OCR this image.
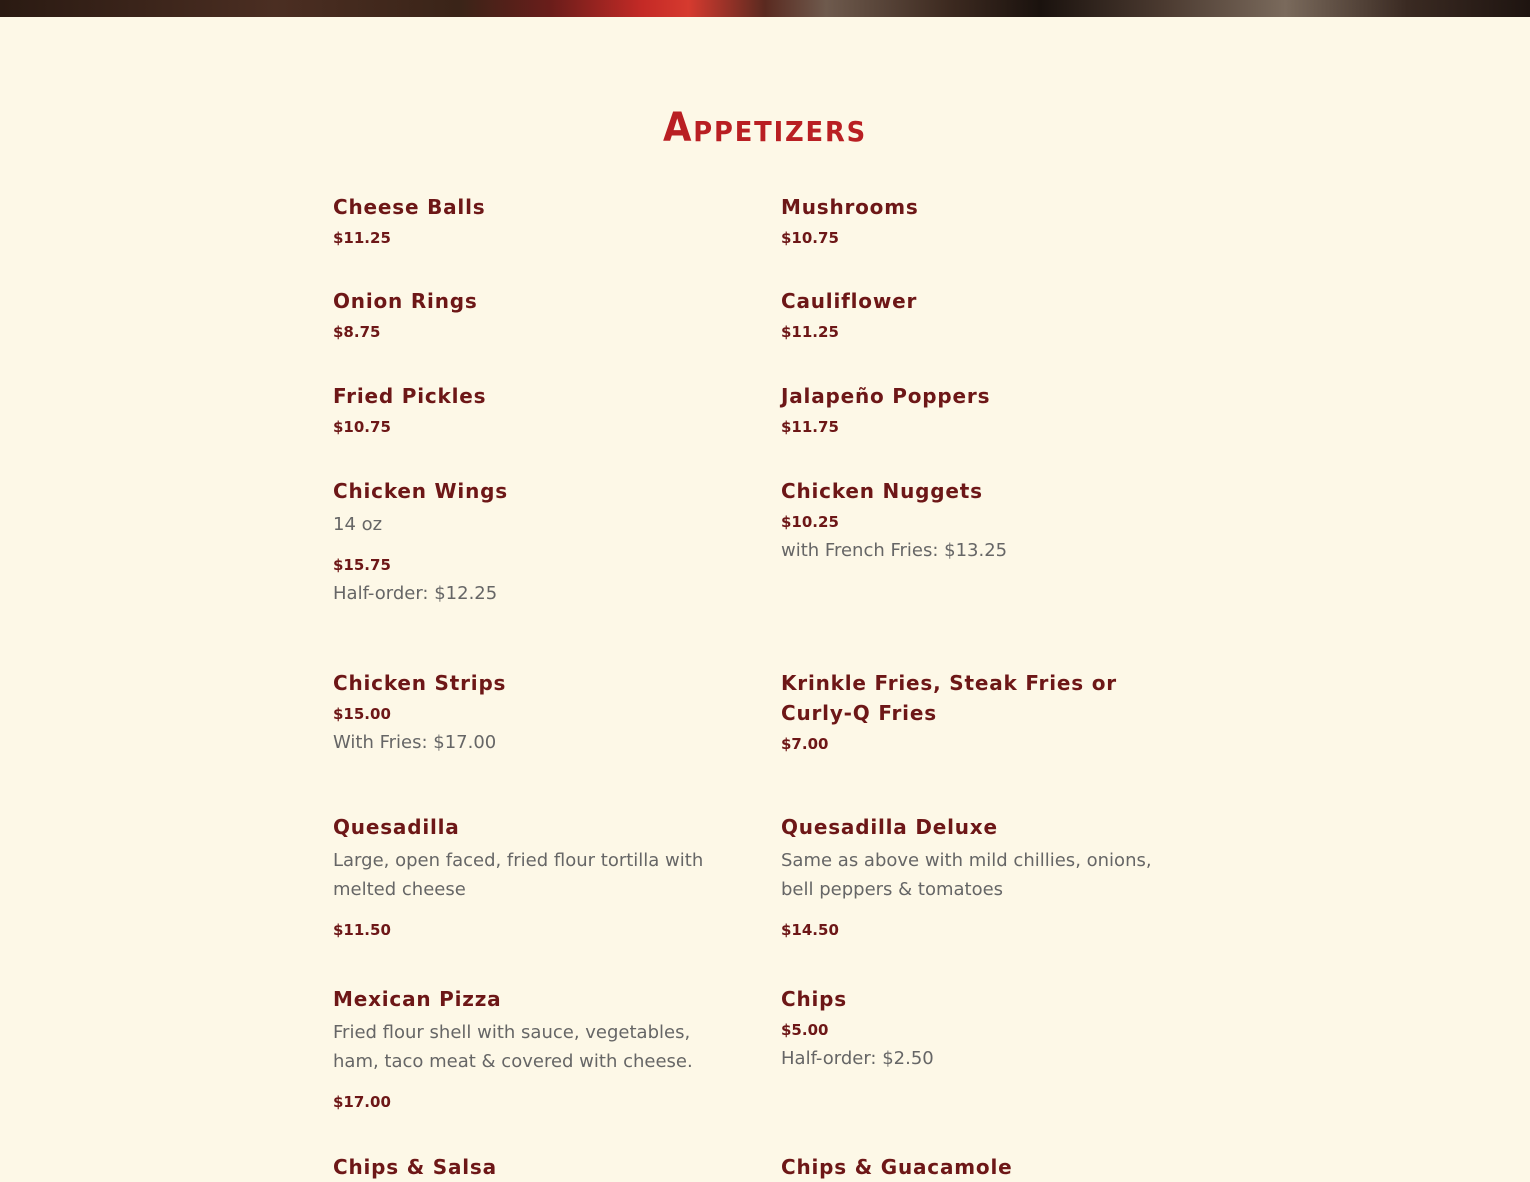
Appetizers
Cheese Balls
$11.25
Mushrooms
$10.75
Onion Rings
$8.75
Cauliflower
$11.25
Fried Pickles
$10.75
Jalapeño Poppers
$11.75
Chicken Wings

14 oz

$15.75

Half-order: $12.25

Chicken Nuggets
$10.25

with French Fries: $13.25

Chicken Strips
$15.00

With Fries: $17.00

Krinkle Fries, Steak Fries or Curly-Q Fries
$7.00
Quesadilla

Large, open faced, fried flour tortilla with melted cheese

$11.50
Quesadilla Deluxe

Same as above with mild chillies, onions, bell peppers & tomatoes

$14.50
Mexican Pizza

Fried flour shell with sauce, vegetables, ham, taco meat & covered with cheese.

$17.00
Chips
$5.00

Half-order: $2.50

Chips & Salsa	Chips & Guacamole
